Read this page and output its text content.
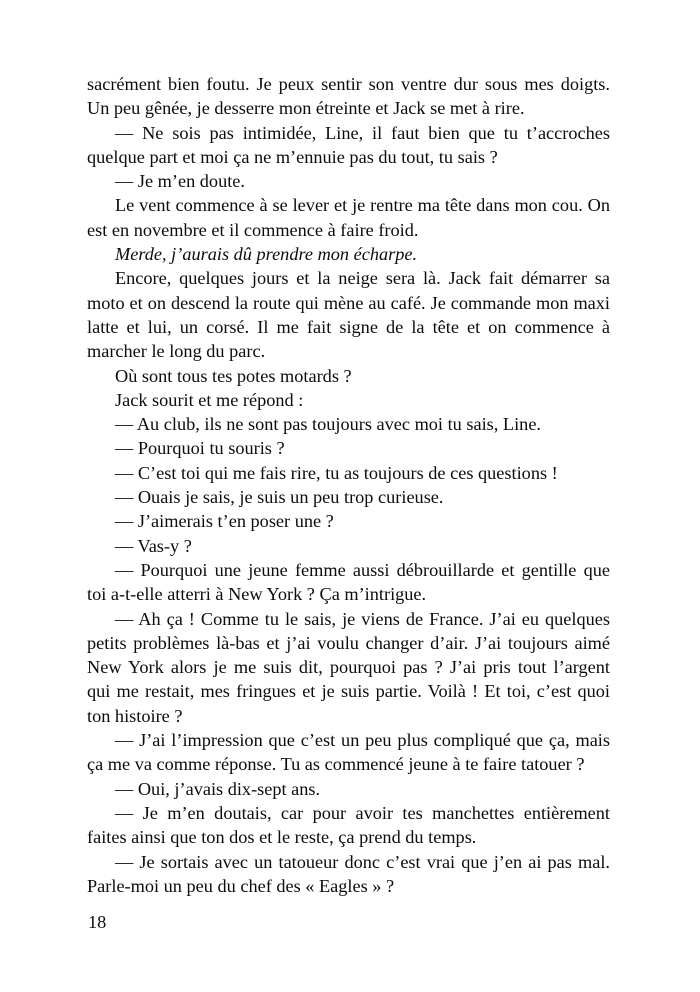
sacrément bien foutu. Je peux sentir son ventre dur sous mes doigts.
Un peu gênée, je desserre mon étreinte et Jack se met à rire.
— Ne sois pas intimidée, Line, il faut bien que tu t’accroches
quelque part et moi ça ne m’ennuie pas du tout, tu sais ?
— Je m’en doute.
Le vent commence à se lever et je rentre ma tête dans mon cou. On
est en novembre et il commence à faire froid.
Merde, j’aurais dû prendre mon écharpe.
Encore, quelques jours et la neige sera là. Jack fait démarrer sa
moto et on descend la route qui mène au café. Je commande mon maxi
latte et lui, un corsé. Il me fait signe de la tête et on commence à
marcher le long du parc.
Où sont tous tes potes motards ?
Jack sourit et me répond :
— Au club, ils ne sont pas toujours avec moi tu sais, Line.
— Pourquoi tu souris ?
— C’est toi qui me fais rire, tu as toujours de ces questions !
— Ouais je sais, je suis un peu trop curieuse.
— J’aimerais t’en poser une ?
— Vas-y ?
— Pourquoi une jeune femme aussi débrouillarde et gentille que
toi a-t-elle atterri à New York ? Ça m’intrigue.
— Ah ça ! Comme tu le sais, je viens de France. J’ai eu quelques
petits problèmes là-bas et j’ai voulu changer d’air. J’ai toujours aimé
New York alors je me suis dit, pourquoi pas ? J’ai pris tout l’argent
qui me restait, mes fringues et je suis partie. Voilà ! Et toi, c’est quoi
ton histoire ?
— J’ai l’impression que c’est un peu plus compliqué que ça, mais
ça me va comme réponse. Tu as commencé jeune à te faire tatouer ?
— Oui, j’avais dix-sept ans.
— Je m’en doutais, car pour avoir tes manchettes entièrement
faites ainsi que ton dos et le reste, ça prend du temps.
— Je sortais avec un tatoueur donc c’est vrai que j’en ai pas mal.
Parle-moi un peu du chef des « Eagles » ?
18
